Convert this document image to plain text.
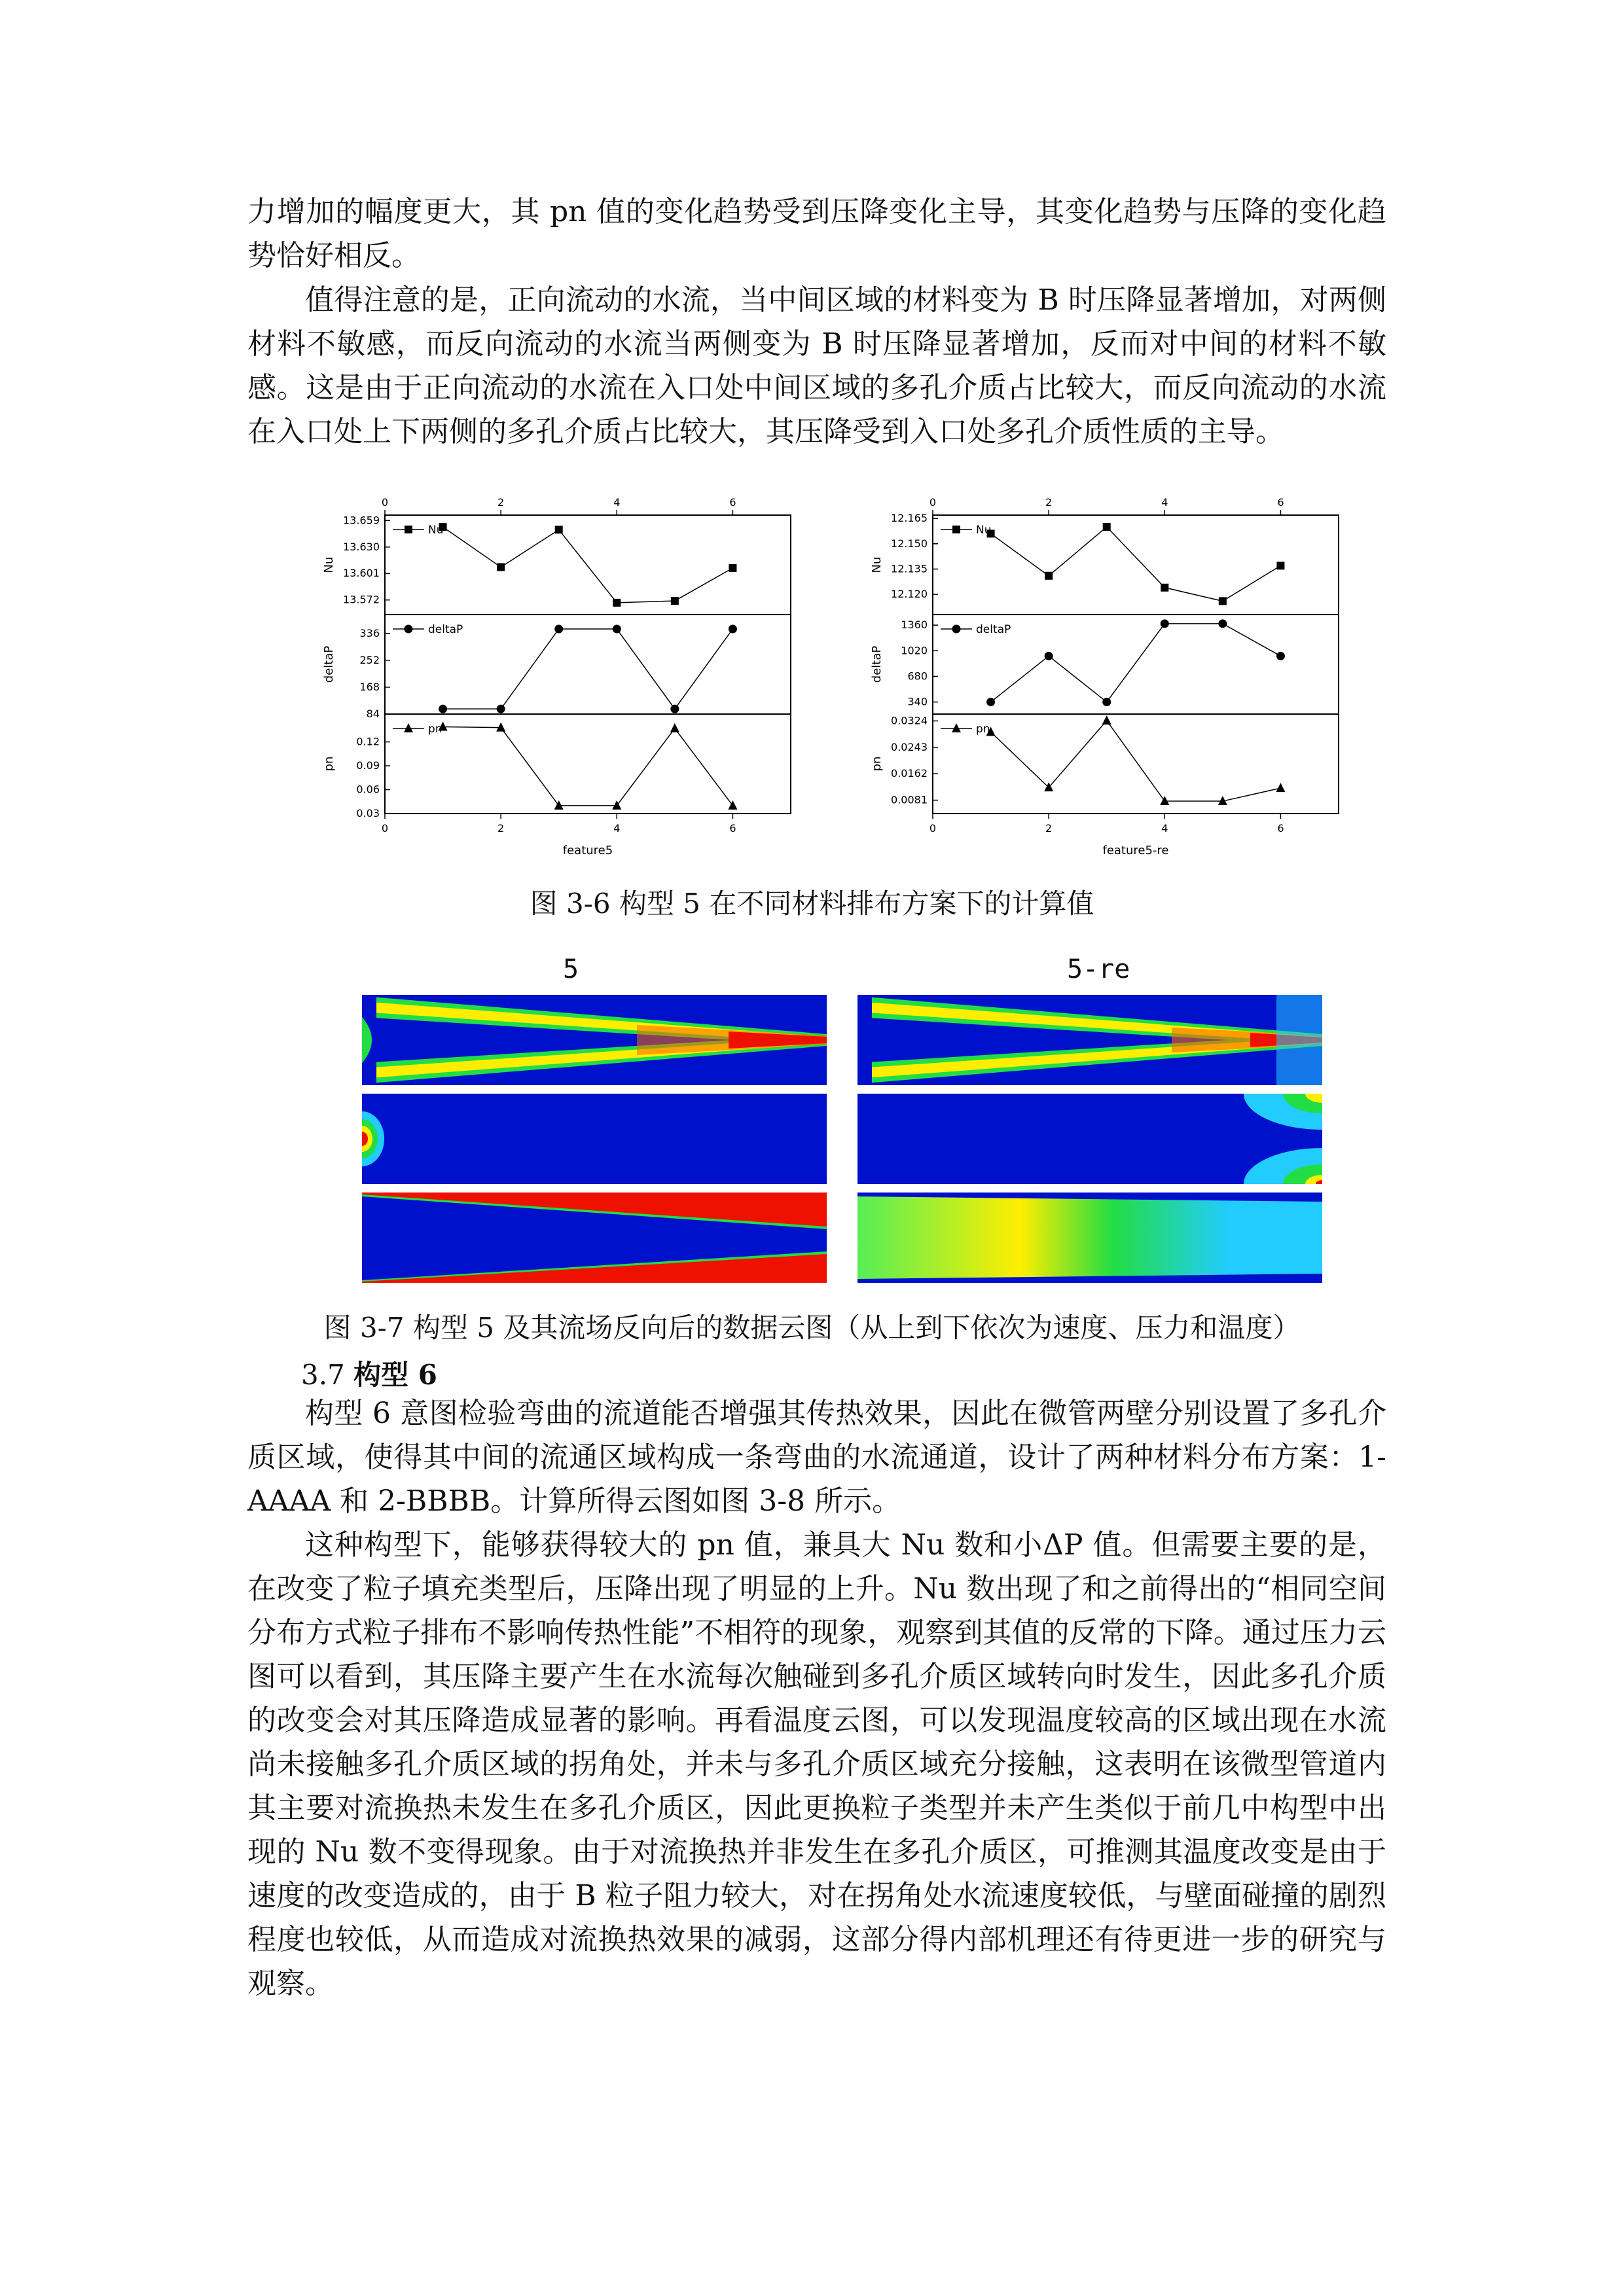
力增加的幅度更大，其 pn 值的变化趋势受到压降变化主导，其变化趋势与压降的变化趋势恰好相反。

值得注意的是，正向流动的水流，当中间区域的材料变为 B 时压降显著增加，对两侧材料不敏感，而反向流动的水流当两侧变为 B 时压降显著增加，反而对中间的材料不敏感。这是由于正向流动的水流在入口处中间区域的多孔介质占比较大，而反向流动的水流在入口处上下两侧的多孔介质占比较大，其压降受到入口处多孔介质性质的主导。

0	2	4	6
13.572
13.601
13.630
13.659
Nu
Nu
84
168
252
336
deltaP
deltaP
0.03
0.06
0.09
0.12
pn
pn
0	2	4	6
feature5
0	2	4	6
12.120
12.135
12.150
12.165
Nu
Nu
340
680
1020
1360
deltaP
deltaP
0.0081
0.0162
0.0243
0.0324
pn
pn
0	2	4	6
feature5-re

图 3-6 构型 5 在不同材料排布方案下的计算值

5	5-re

图 3-7 构型 5 及其流场反向后的数据云图（从上到下依次为速度、压力和温度）

3.7 构型 6

构型 6 意图检验弯曲的流道能否增强其传热效果，因此在微管两壁分别设置了多孔介质区域，使得其中间的流通区域构成一条弯曲的水流通道，设计了两种材料分布方案：1-AAAA 和 2-BBBB。计算所得云图如图 3-8 所示。

这种构型下，能够获得较大的 pn 值，兼具大 Nu 数和小ΔP 值。但需要主要的是，在改变了粒子填充类型后，压降出现了明显的上升。Nu 数出现了和之前得出的“相同空间分布方式粒子排布不影响传热性能”不相符的现象，观察到其值的反常的下降。通过压力云图可以看到，其压降主要产生在水流每次触碰到多孔介质区域转向时发生，因此多孔介质的改变会对其压降造成显著的影响。再看温度云图，可以发现温度较高的区域出现在水流尚未接触多孔介质区域的拐角处，并未与多孔介质区域充分接触，这表明在该微型管道内其主要对流换热未发生在多孔介质区，因此更换粒子类型并未产生类似于前几中构型中出现的 Nu 数不变得现象。由于对流换热并非发生在多孔介质区，可推测其温度改变是由于速度的改变造成的，由于 B 粒子阻力较大，对在拐角处水流速度较低，与壁面碰撞的剧烈程度也较低，从而造成对流换热效果的减弱，这部分得内部机理还有待更进一步的研究与观察。
